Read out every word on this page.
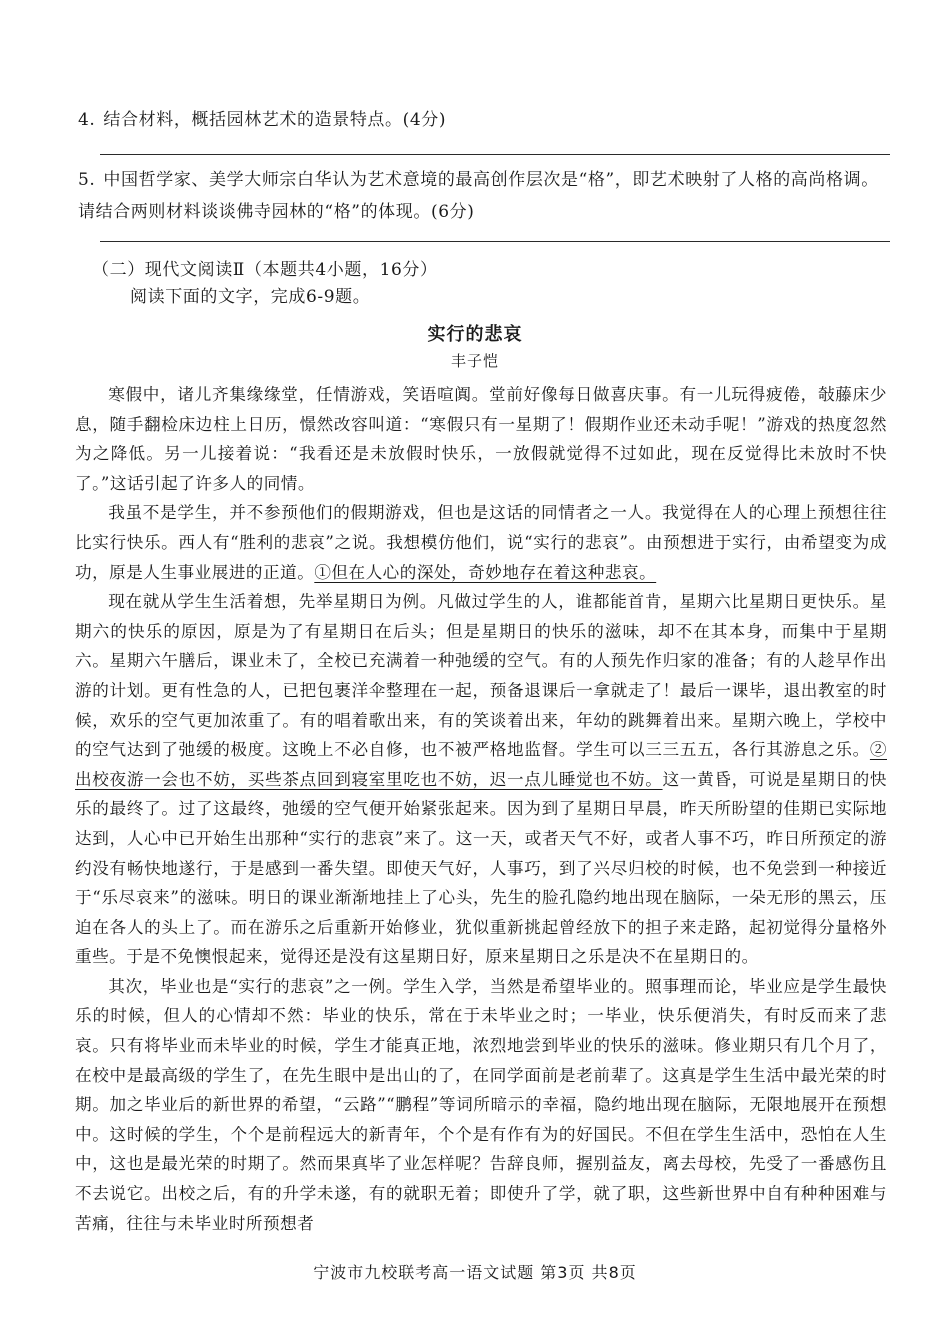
4. 结合材料，概括园林艺术的造景特点。(4分)
5. 中国哲学家、美学大师宗白华认为艺术意境的最高创作层次是“格”，即艺术映射了人格的高尚格调。请结合两则材料谈谈佛寺园林的“格”的体现。(6分)
（二）现代文阅读Ⅱ（本题共4小题，16分）
阅读下面的文字，完成6-9题。
实行的悲哀
丰子恺

寒假中，诸儿齐集缘缘堂，任情游戏，笑语喧阗。堂前好像每日做喜庆事。有一儿玩得疲倦，敧藤床少息，随手翻检床边柱上日历，憬然改容叫道：“寒假只有一星期了！假期作业还未动手呢！”游戏的热度忽然为之降低。另一儿接着说：“我看还是未放假时快乐，一放假就觉得不过如此，现在反觉得比未放时不快了。”这话引起了许多人的同情。

我虽不是学生，并不参预他们的假期游戏，但也是这话的同情者之一人。我觉得在人的心理上预想往往比实行快乐。西人有“胜利的悲哀”之说。我想模仿他们，说“实行的悲哀”。由预想进于实行，由希望变为成功，原是人生事业展进的正道。①但在人心的深处，奇妙地存在着这种悲哀。

现在就从学生生活着想，先举星期日为例。凡做过学生的人，谁都能首肯，星期六比星期日更快乐。星期六的快乐的原因，原是为了有星期日在后头；但是星期日的快乐的滋味，却不在其本身，而集中于星期六。星期六午膳后，课业未了，全校已充满着一种弛缓的空气。有的人预先作归家的准备；有的人趁早作出游的计划。更有性急的人，已把包裹洋伞整理在一起，预备退课后一拿就走了！最后一课毕，退出教室的时候，欢乐的空气更加浓重了。有的唱着歌出来，有的笑谈着出来，年幼的跳舞着出来。星期六晚上，学校中的空气达到了弛缓的极度。这晚上不必自修，也不被严格地监督。学生可以三三五五，各行其游息之乐。②出校夜游一会也不妨，买些茶点回到寝室里吃也不妨，迟一点儿睡觉也不妨。这一黄昏，可说是星期日的快乐的最终了。过了这最终，弛缓的空气便开始紧张起来。因为到了星期日早晨，昨天所盼望的佳期已实际地达到，人心中已开始生出那种“实行的悲哀”来了。这一天，或者天气不好，或者人事不巧，昨日所预定的游约没有畅快地遂行，于是感到一番失望。即使天气好，人事巧，到了兴尽归校的时候，也不免尝到一种接近于“乐尽哀来”的滋味。明日的课业渐渐地挂上了心头，先生的脸孔隐约地出现在脑际，一朵无形的黑云，压迫在各人的头上了。而在游乐之后重新开始修业，犹似重新挑起曾经放下的担子来走路，起初觉得分量格外重些。于是不免懊恨起来，觉得还是没有这星期日好，原来星期日之乐是决不在星期日的。

其次，毕业也是“实行的悲哀”之一例。学生入学，当然是希望毕业的。照事理而论，毕业应是学生最快乐的时候，但人的心情却不然：毕业的快乐，常在于未毕业之时；一毕业，快乐便消失，有时反而来了悲哀。只有将毕业而未毕业的时候，学生才能真正地，浓烈地尝到毕业的快乐的滋味。修业期只有几个月了，在校中是最高级的学生了，在先生眼中是出山的了，在同学面前是老前辈了。这真是学生生活中最光荣的时期。加之毕业后的新世界的希望，“云路”“鹏程”等词所暗示的幸福，隐约地出现在脑际，无限地展开在预想中。这时候的学生，个个是前程远大的新青年，个个是有作有为的好国民。不但在学生生活中，恐怕在人生中，这也是最光荣的时期了。然而果真毕了业怎样呢？告辞良师，握别益友，离去母校，先受了一番感伤且不去说它。出校之后，有的升学未遂，有的就职无着；即使升了学，就了职，这些新世界中自有种种困难与苦痛，往往与未毕业时所预想者

宁波市九校联考高一语文试题 第3页 共8页
